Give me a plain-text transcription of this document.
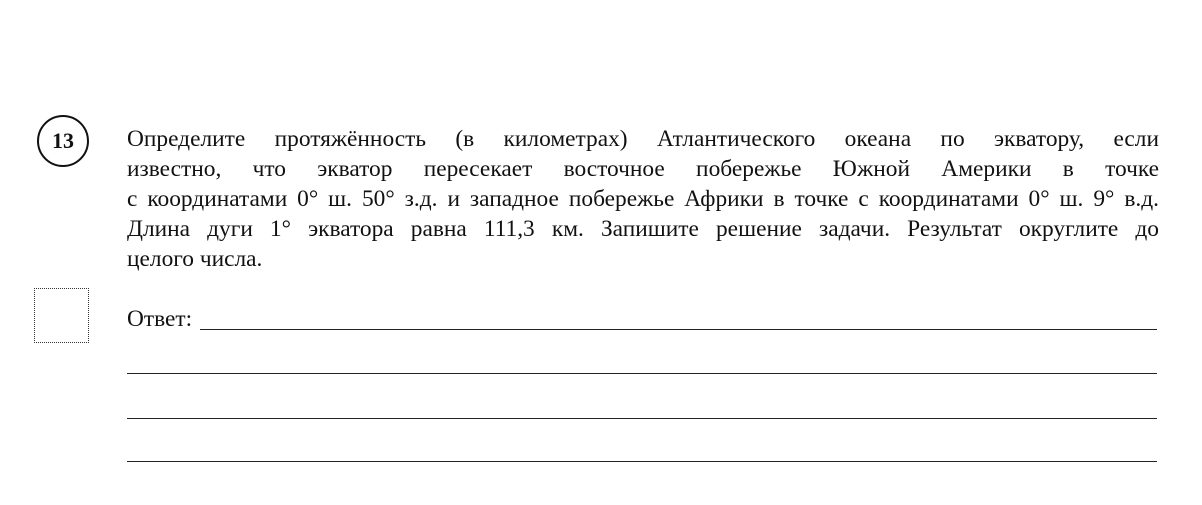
13 Определите протяжённость (в километрах) Атлантического океана по экватору, если
известно, что экватор пересекает восточное побережье Южной Америки в точке
с координатами 0° ш. 50° з.д. и западное побережье Африки в точке с координатами 0° ш. 9° в.д.
Длина дуги 1° экватора равна 111,3 км. Запишите решение задачи. Результат округлите до
целого числа.

Ответ:
